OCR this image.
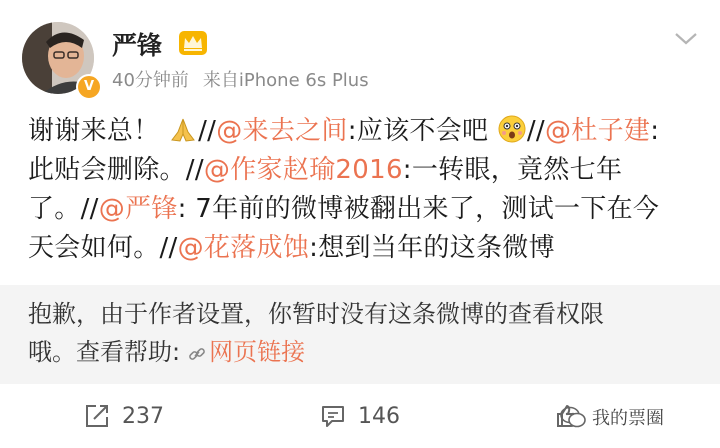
V
严锋
40分钟前 来自iPhone 6s Plus
谢谢来总！ //@来去之间:应该不会吧 //@杜子建:
此贴会删除。//@作家赵瑜2016:一转眼，竟然七年
了。//@严锋: 7年前的微博被翻出来了，测试一下在今
天会如何。//@花落成蚀:想到当年的这条微博
抱歉，由于作者设置，你暂时没有这条微博的查看权限
哦。查看帮助: 网页链接
237	146	我的票圈
